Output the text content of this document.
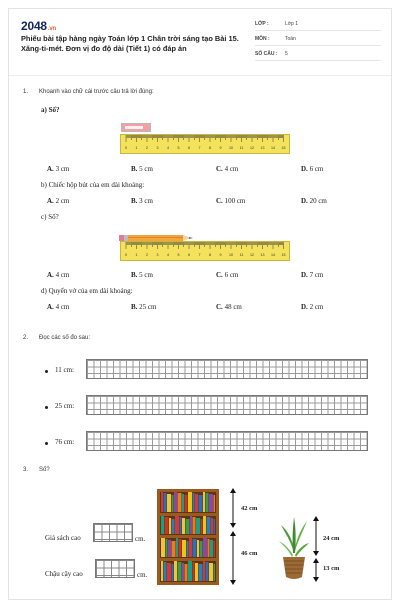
2048.vn
Phiếu bài tập hàng ngày Toán lớp 1 Chân trời sáng tạo Bài 15. Xăng-ti-mét. Đơn vị đo độ dài (Tiết 1) có đáp án
LỚP :	Lớp 1
MÔN :	Toán
SỐ CÂU : 5
1. Khoanh vào chữ cái trước câu trả lời đúng:
a) Số?
0 1 2 3 4 5 6 7 8 9 10 11 12 13 14 15
A. 3 cm	B. 5 cm	C. 4 cm	D. 6 cm
b) Chiếc hộp bút của em dài khoảng:
A. 2 cm	B. 3 cm	C. 100 cm	D. 20 cm
c) Số?
0 1 2 3 4 5 6 7 8 9 10 11 12 13 14 15
A. 4 cm	B. 5 cm	C. 6 cm	D. 7 cm
d) Quyển vở của em dài khoảng:
A. 4 cm	B. 25 cm	C. 48 cm	D. 2 cm
2. Đọc các số đo sau:
11 cm:
25 cm:
76 cm:
3. Số?
Giá sách cao	cm.
Chậu cây cao	cm.
42 cm
46 cm
24 cm
13 cm
